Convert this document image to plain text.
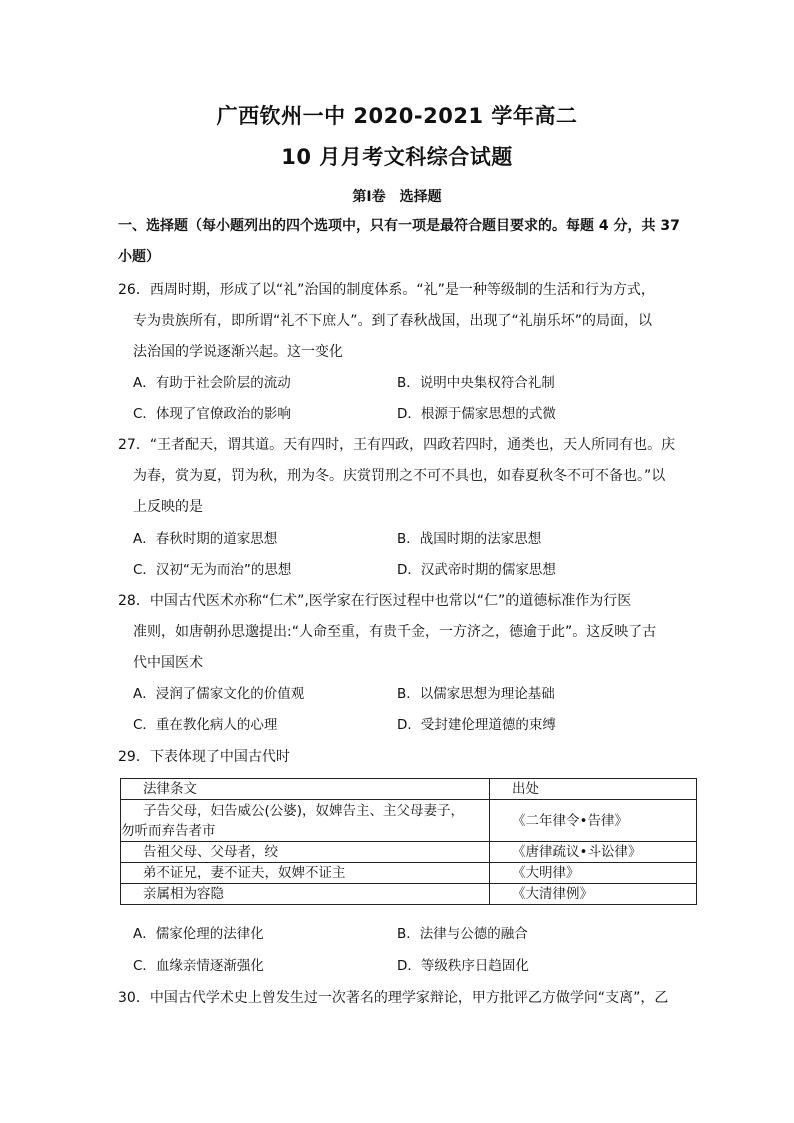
广西钦州一中 2020-2021 学年高二
10 月月考文科综合试题
第Ⅰ卷　选择题
一、选择题（每小题列出的四个选项中，只有一项是最符合题目要求的。每题 4 分，共 37
小题）
26．西周时期，形成了以“礼”治国的制度体系。“礼”是一种等级制的生活和行为方式，
专为贵族所有，即所谓“礼不下庶人”。到了春秋战国，出现了“礼崩乐坏”的局面，以
法治国的学说逐渐兴起。这一变化
A．有助于社会阶层的流动	B．说明中央集权符合礼制
C．体现了官僚政治的影响	D．根源于儒家思想的式微
27．“王者配天，谓其道。天有四时，王有四政，四政若四时，通类也，天人所同有也。庆
为春，赏为夏，罚为秋，刑为冬。庆赏罚刑之不可不具也，如春夏秋冬不可不备也。”以
上反映的是
A．春秋时期的道家思想	B．战国时期的法家思想
C．汉初“无为而治”的思想	D．汉武帝时期的儒家思想
28．中国古代医术亦称“仁术”,医学家在行医过程中也常以“仁”的道德标准作为行医
准则，如唐朝孙思邈提出:“人命至重，有贵千金，一方济之，德逾于此”。这反映了古
代中国医术
A．浸润了儒家文化的价值观	B．以儒家思想为理论基础
C．重在教化病人的心理	D．受封建伦理道德的束缚
29．下表体现了中国古代时
法律条文	出处

子告父母，妇告威公(公婆)，奴婢告主、主父母妻子，
勿听而弃告者市	《二年律令•告律》
告祖父母、父母者，绞	《唐律疏议•斗讼律》
弟不证兄，妻不证夫，奴婢不证主	《大明律》
亲属相为容隐	《大清律例》
A．儒家伦理的法律化	B．法律与公德的融合
C．血缘亲情逐渐强化	D．等级秩序日趋固化
30．中国古代学术史上曾发生过一次著名的理学家辩论，甲方批评乙方做学问“支离”，乙
